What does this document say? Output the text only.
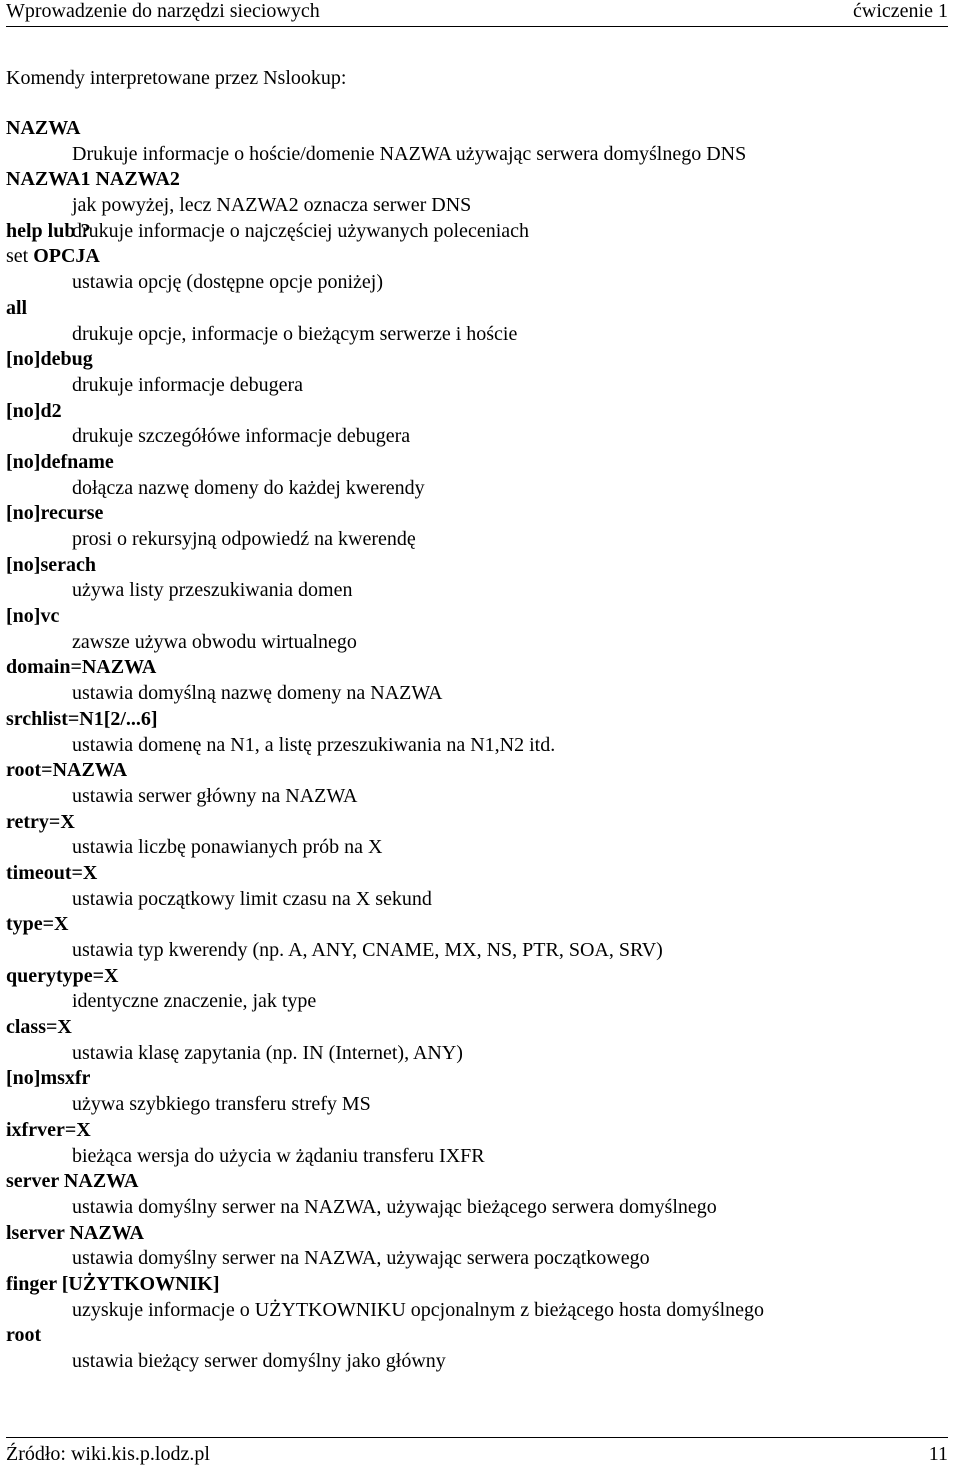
Wprowadzenie do narzędzi sieciowych	ćwiczenie 1

Komendy interpretowane przez Nslookup:

NAZWA
Drukuje informacje o hoście/domenie NAZWA używając serwera domyślnego DNS
NAZWA1 NAZWA2
jak powyżej, lecz NAZWA2 oznacza serwer DNS
help lub ?
drukuje informacje o najczęściej używanych poleceniach
set OPCJA
ustawia opcję (dostępne opcje poniżej)
all
drukuje opcje, informacje o bieżącym serwerze i hoście
[no]debug
drukuje informacje debugera
[no]d2
drukuje szczegółówe informacje debugera
[no]defname
dołącza nazwę domeny do każdej kwerendy
[no]recurse
prosi o rekursyjną odpowiedź na kwerendę
[no]serach
używa listy przeszukiwania domen
[no]vc
zawsze używa obwodu wirtualnego
domain=NAZWA
ustawia domyślną nazwę domeny na NAZWA
srchlist=N1[2/...6]
ustawia domenę na N1, a listę przeszukiwania na N1,N2 itd.
root=NAZWA
ustawia serwer główny na NAZWA
retry=X
ustawia liczbę ponawianych prób na X
timeout=X
ustawia początkowy limit czasu na X sekund
type=X
ustawia typ kwerendy (np. A, ANY, CNAME, MX, NS, PTR, SOA, SRV)
querytype=X
identyczne znaczenie, jak type
class=X
ustawia klasę zapytania (np. IN (Internet), ANY)
[no]msxfr
używa szybkiego transferu strefy MS
ixfrver=X
bieżąca wersja do użycia w żądaniu transferu IXFR
server NAZWA
ustawia domyślny serwer na NAZWA, używając bieżącego serwera domyślnego
lserver NAZWA
ustawia domyślny serwer na NAZWA, używając serwera początkowego
finger [UŻYTKOWNIK]
uzyskuje informacje o UŻYTKOWNIKU opcjonalnym z bieżącego hosta domyślnego
root
ustawia bieżący serwer domyślny jako główny
Źródło: wiki.kis.p.lodz.pl	11
